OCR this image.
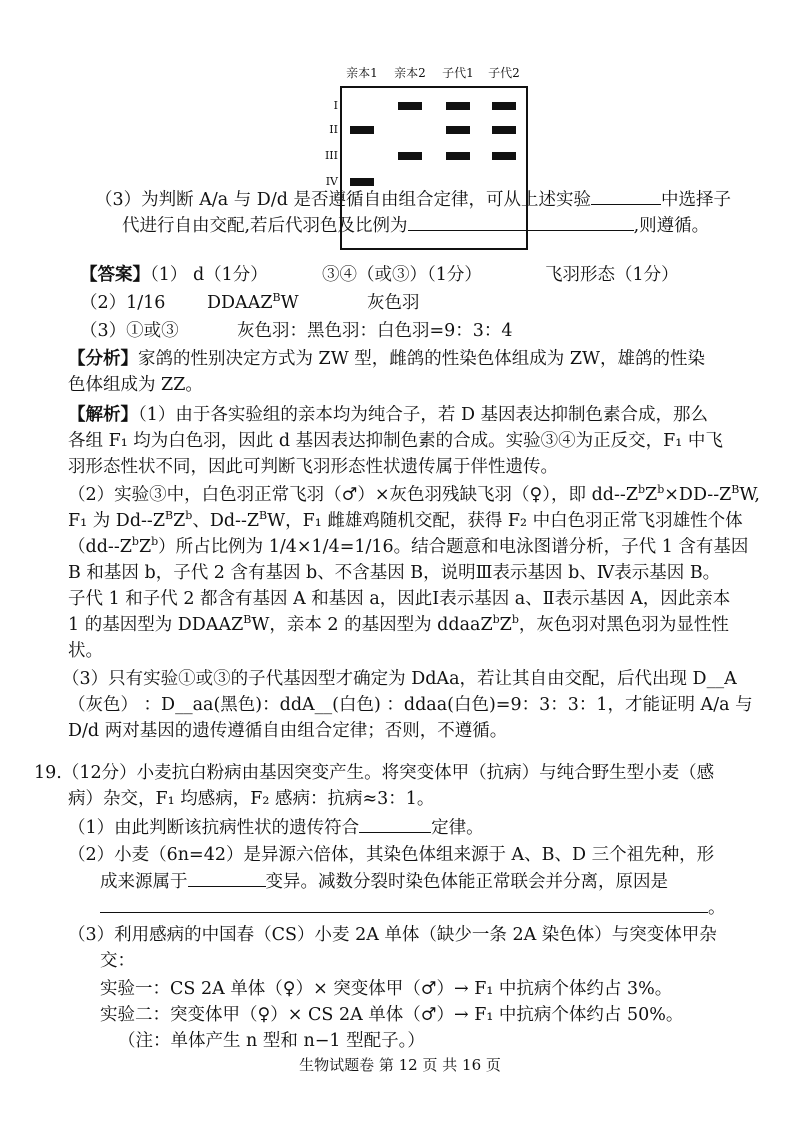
亲本1	亲本2	子代1	子代2
I
II
III
IV
（3）为判断 A/a 与 D/d 是否遵循自由组合定律，可从上述实验	中选择子
代进行自由交配,若后代羽色及比例为	,则遵循。
【答案】（1） d（1分）	③④（或③）（1分）	飞羽形态（1分）
（2）1/16 $DDAAZ^BW$	灰色羽
（3）①或③	灰色羽：黑色羽：白色羽=9：3：4
【分析】家鸽的性别决定方式为 ZW 型，雌鸽的性染色体组成为 ZW，雄鸽的性染
色体组成为 ZZ。
【解析】（1）由于各实验组的亲本均为纯合子，若 D 基因表达抑制色素合成，那么
各组 F₁ 均为白色羽，因此 d 基因表达抑制色素的合成。实验③④为正反交，F₁ 中飞
羽形态性状不同，因此可判断飞羽形态性状遗传属于伴性遗传。
（2）实验③中，白色羽正常飞羽（♂）×灰色羽残缺飞羽（♀），即 $dd--Z^bZ^b\times DD--Z^BW$,
F₁ 为 $Dd--Z^BZ^b$、$Dd--Z^BW$，F₁ 雌雄鸡随机交配，获得 F₂ 中白色羽正常飞羽雄性个体
$(dd--Z^bZ^b)$所占比例为 1/4×1/4=1/16。结合题意和电泳图谱分析，子代 1 含有基因
B 和基因 b，子代 2 含有基因 b、不含基因 B，说明Ⅲ表示基因 b、Ⅳ表示基因 B。
子代 1 和子代 2 都含有基因 A 和基因 a，因此Ⅰ表示基因 a、Ⅱ表示基因 A，因此亲本
1 的基因型为 $DDAAZ^BW$，亲本 2 的基因型为 $ddaaZ^bZ^b$，灰色羽对黑色羽为显性性
状。
（3）只有实验①或③的子代基因型才确定为 DdAa，若让其自由交配，后代出现 D__A
（灰色） ：D__aa(黑色)：ddA__(白色) ：ddaa(白色)=9：3：3：1，才能证明 A/a 与
D/d 两对基因的遗传遵循自由组合定律；否则，不遵循。
19.（12分）小麦抗白粉病由基因突变产生。将突变体甲（抗病）与纯合野生型小麦（感
病）杂交，F₁ 均感病，F₂ 感病：抗病≈3：1。
（1）由此判断该抗病性状的遗传符合	定律。
（2）小麦（6n=42）是异源六倍体，其染色体组来源于 A、B、D 三个祖先种，形
成来源属于	变异。减数分裂时染色体能正常联会并分离，原因是
。
（3）利用感病的中国春（CS）小麦 2A 单体（缺少一条 2A 染色体）与突变体甲杂
交：
实验一：CS 2A 单体（♀）× 突变体甲（♂）→ F₁ 中抗病个体约占 3%。
实验二：突变体甲（♀）× CS 2A 单体（♂）→ F₁ 中抗病个体约占 50%。
（注：单体产生 n 型和 n−1 型配子。）
生物试题卷 第 12 页 共 16 页
